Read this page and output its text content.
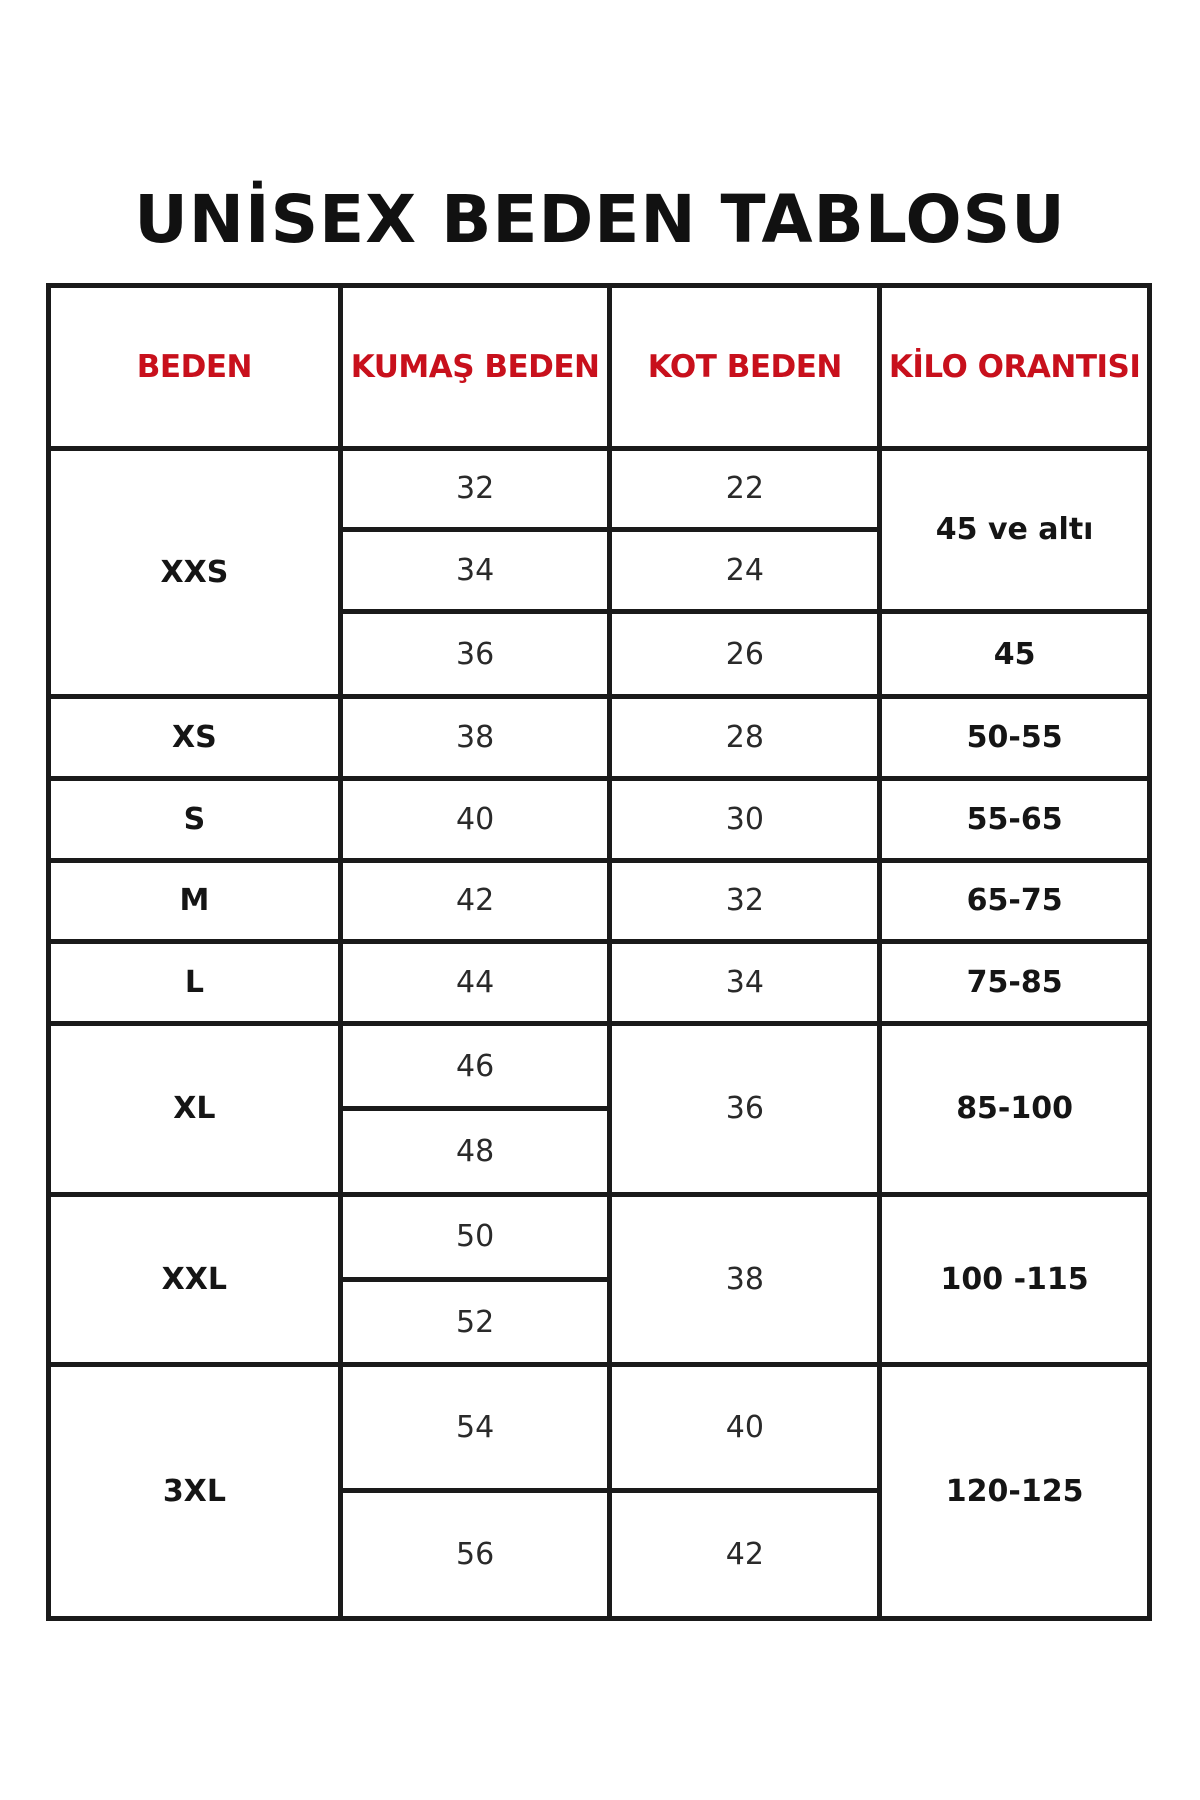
UNİSEX BEDEN TABLOSU
BEDEN	KUMAŞ BEDEN	KOT BEDEN	KİLO ORANTISI
XXS	32	22	45 ve altı
	34	24	
	36	26	45
XS	38	28	50-55
S	40	30	55-65
M	42	32	65-75
L	44	34	75-85
XL	46	36	85-100
	48		
XXL	50	38	100 -115
	52		
3XL	54	40	120-125
	56	42	
